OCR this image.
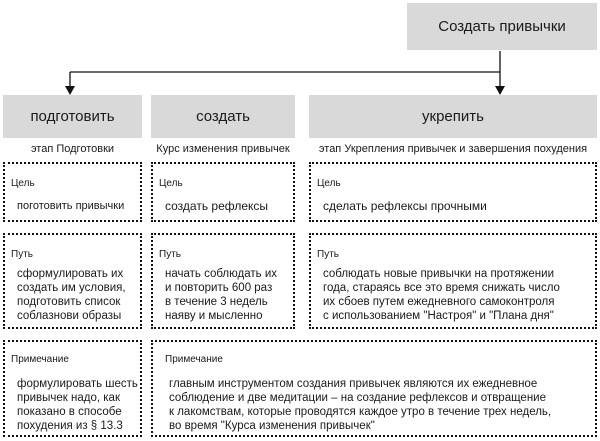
Создать привычки
подготовить	создать	укрепить
этап Подготовки	Курс изменения привычек	этап Укрепления привычек и завершения похудения
Цель
поготовить привычки
Цель
создать рефлексы
Цель
сделать рефлексы прочными
Путь
сформулировать их
создать им условия,
подготовить список
соблазнови образы
Путь
начать соблюдать их
и повторить 600 раз
в течение 3 недель
наяву и мысленно
Путь
соблюдать новые привычки на протяжении
года, стараясь все это время снижать число
их сбоев путем ежедневного самоконтроля
с использованием "Настроя" и "Плана дня"
Примечание
формулировать шесть
привычек надо, как
показано в способе
похудения из § 13.3
Примечание
главным инструментом создания привычек являются их ежедневное
соблюдение и две медитации – на создание рефлексов и отвращение
к лакомствам, которые проводятся каждое утро в течение трех недель,
во время "Курса изменения привычек"
